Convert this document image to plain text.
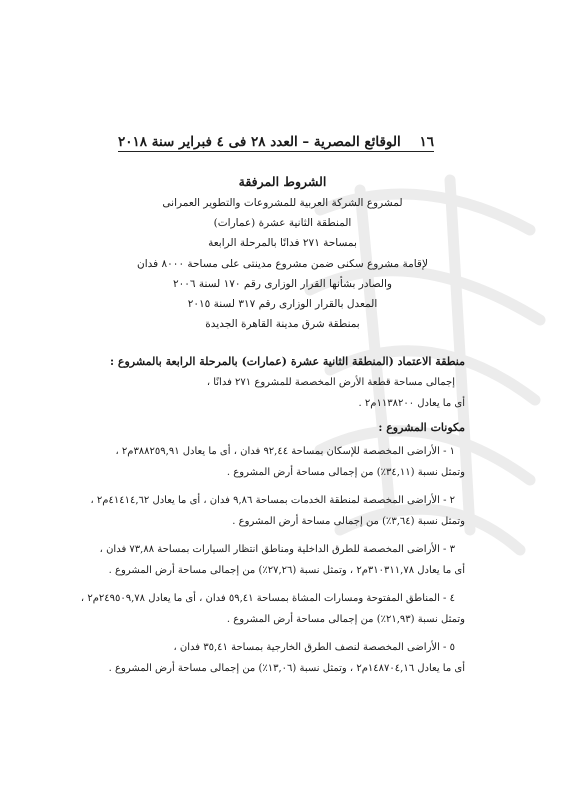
١٦
الوقائع المصرية – العدد ٢٨ فى ٤ فبراير سنة ٢٠١٨
الشروط المرفقة
لمشروع الشركة العربية للمشروعات والتطوير العمرانى
المنطقة الثانية عشرة (عمارات)
بمساحة ٢٧١ فدانًا بالمرحلة الرابعة
لإقامة مشروع سكنى ضمن مشروع مدينتى على مساحة ٨٠٠٠ فدان
والصادر بشأنها القرار الوزارى رقم ١٧٠ لسنة ٢٠٠٦
المعدل بالقرار الوزارى رقم ٣١٧ لسنة ٢٠١٥
بمنطقة شرق مدينة القاهرة الجديدة
منطقة الاعتماد (المنطقة الثانية عشرة (عمارات) بالمرحلة الرابعة بالمشروع :
إجمالى مساحة قطعة الأرض المخصصة للمشروع ٢٧١ فدانًا ،
أى ما يعادل ١١٣٨٢٠٠م٢ .
مكونات المشروع :
١ - الأراضى المخصصة للإسكان بمساحة ٩٢,٤٤ فدان ، أى ما يعادل ٣٨٨٢٥٩,٩١م٢ ،
وتمثل نسبة (٣٤,١١٪) من إجمالى مساحة أرض المشروع .
٢ - الأراضى المخصصة لمنطقة الخدمات بمساحة ٩,٨٦ فدان ، أى ما يعادل ٤١٤١٤,٦٢م٢ ،
وتمثل نسبة (٣,٦٤٪) من إجمالى مساحة أرض المشروع .
٣ - الأراضى المخصصة للطرق الداخلية ومناطق انتظار السيارات بمساحة ٧٣,٨٨ فدان ،
أى ما يعادل ٣١٠٣١١,٧٨م٢ ، وتمثل نسبة (٢٧,٢٦٪) من إجمالى مساحة أرض المشروع .
٤ - المناطق المفتوحة ومسارات المشاة بمساحة ٥٩,٤١ فدان ، أى ما يعادل ٢٤٩٥٠٩,٧٨م٢ ،
وتمثل نسبة (٢١,٩٣٪) من إجمالى مساحة أرض المشروع .
٥ - الأراضى المخصصة لنصف الطرق الخارجية بمساحة ٣٥,٤١ فدان ،
أى ما يعادل ١٤٨٧٠٤,١٦م٢ ، وتمثل نسبة (١٣,٠٦٪) من إجمالى مساحة أرض المشروع .
